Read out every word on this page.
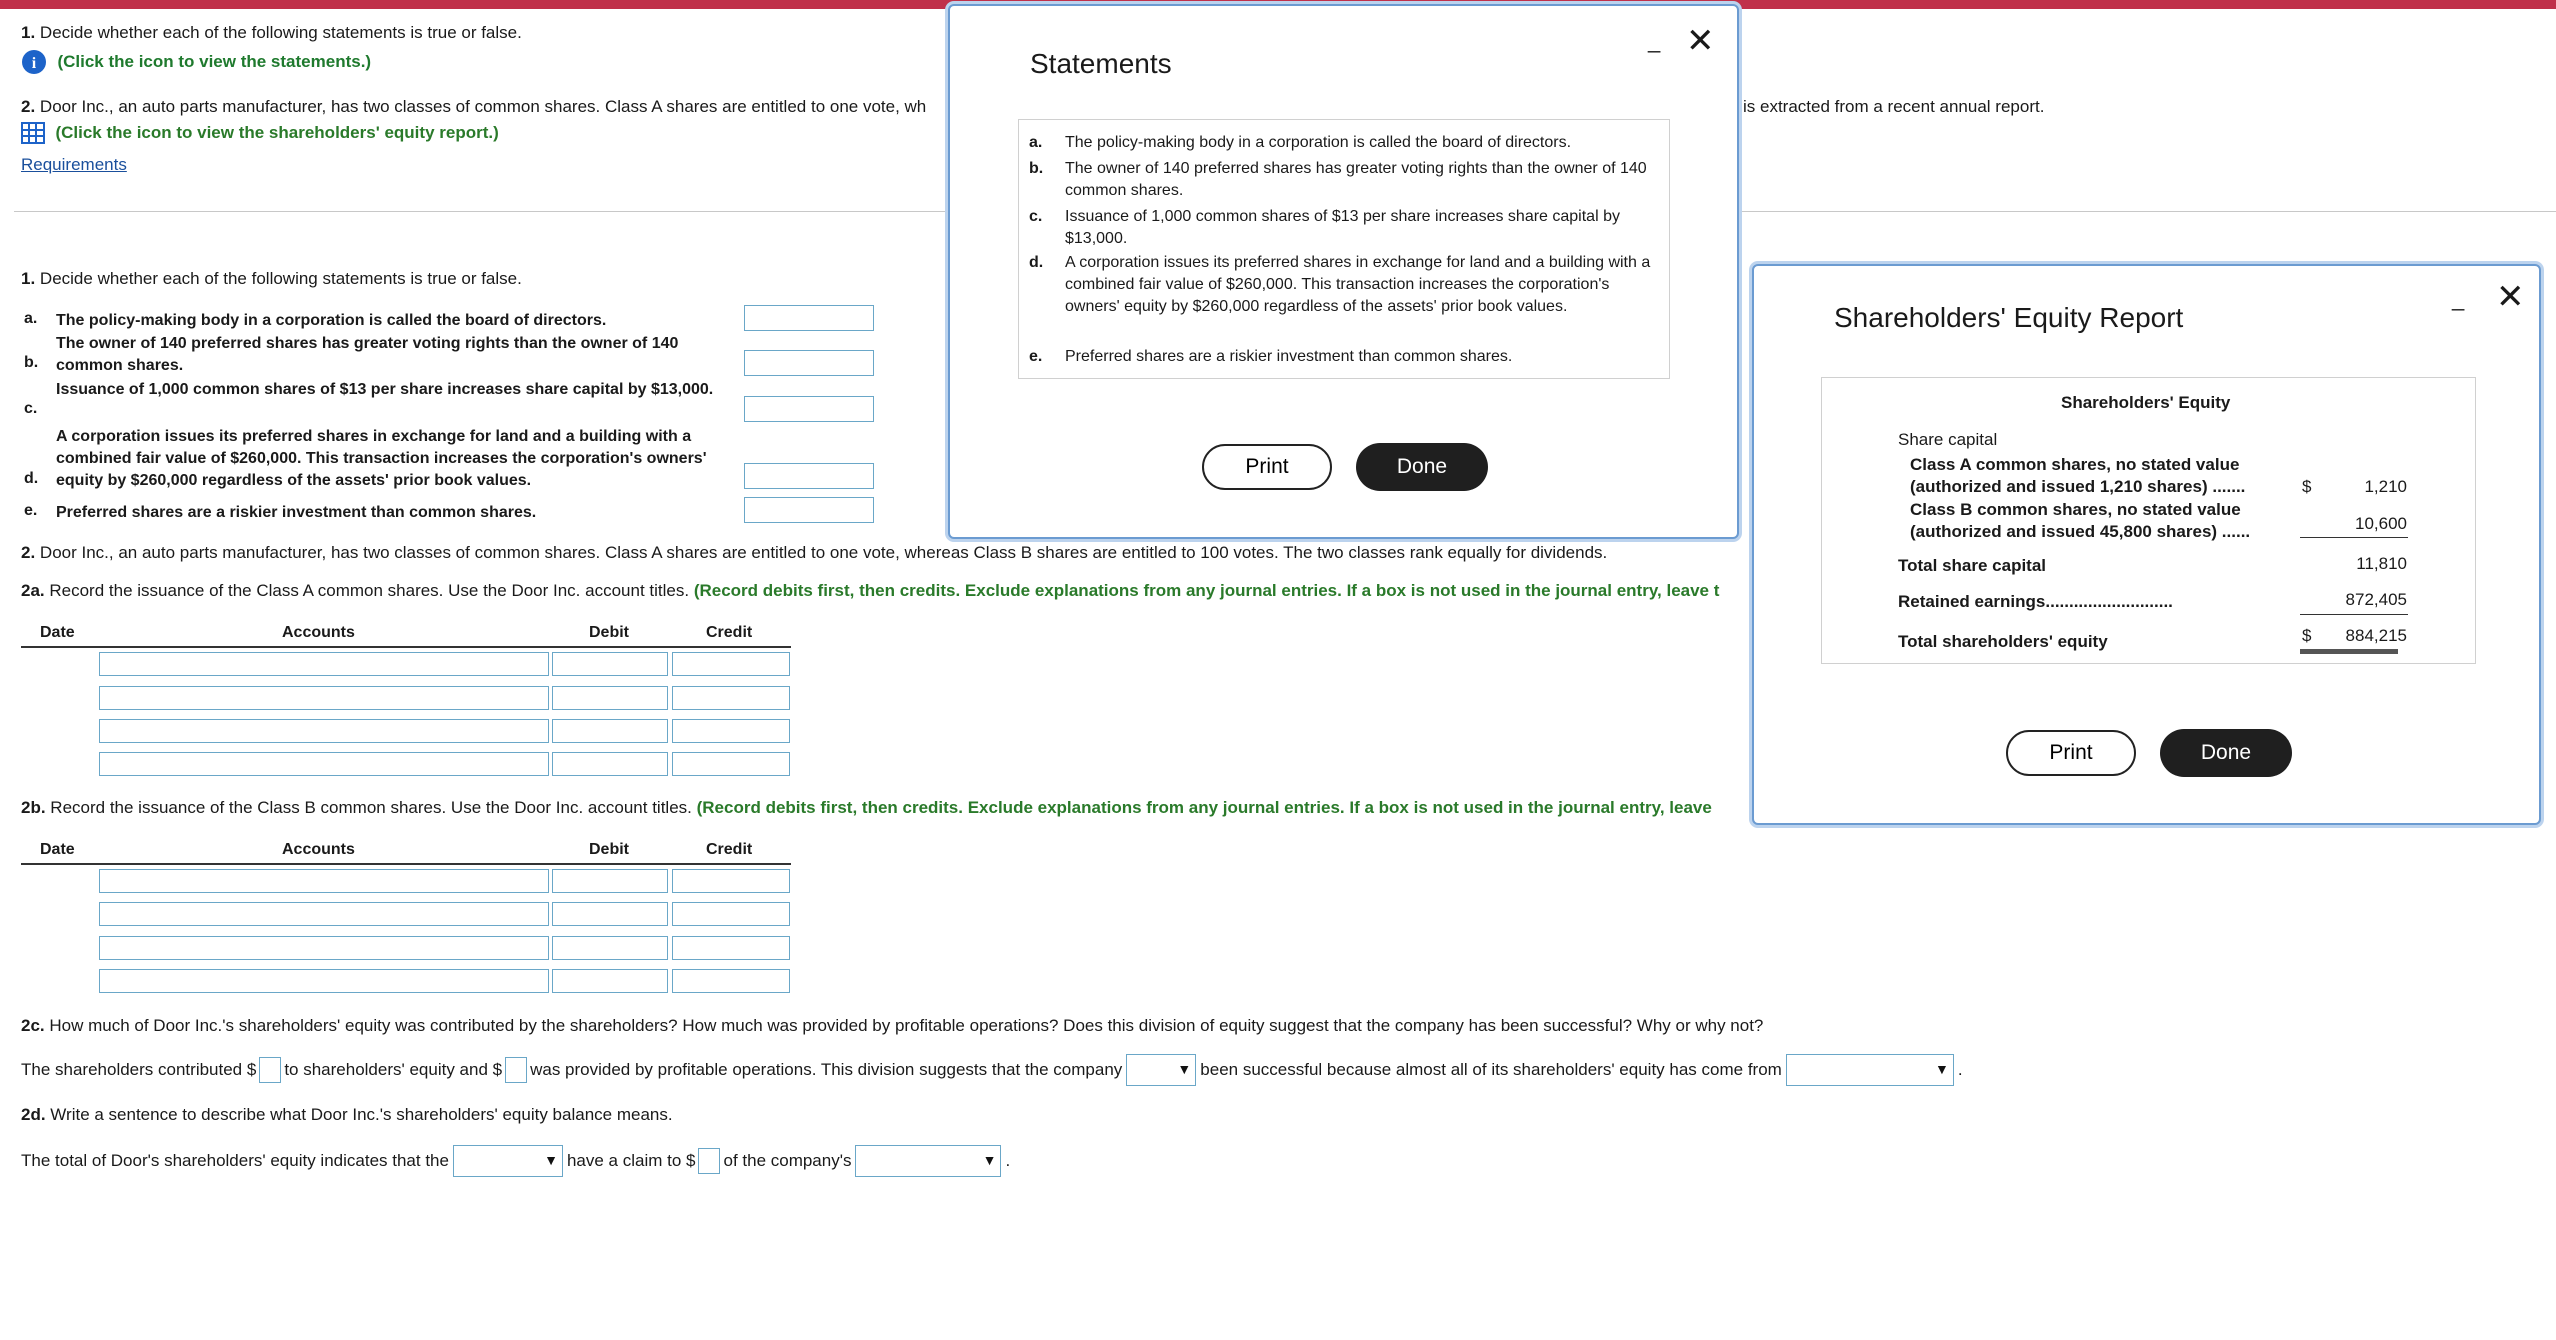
1. Decide whether each of the following statements is true or false.
i (Click the icon to view the statements.)
2. Door Inc., an auto parts manufacturer, has two classes of common shares. Class A shares are entitled to one vote, wh	is extracted from a recent annual report.
(Click the icon to view the shareholders' equity report.)
Requirements
1. Decide whether each of the following statements is true or false.
a. The policy-making body in a corporation is called the board of directors.
b.
The owner of 140 preferred shares has greater voting rights than the owner of 140 common shares.
c.
Issuance of 1,000 common shares of $13 per share increases share capital by $13,000.
d.
A corporation issues its preferred shares in exchange for land and a building with a combined fair value of $260,000. This transaction increases the corporation's owners' equity by $260,000 regardless of the assets' prior book values.
e. Preferred shares are a riskier investment than common shares.
2. Door Inc., an auto parts manufacturer, has two classes of common shares. Class A shares are entitled to one vote, whereas Class B shares are entitled to 100 votes. The two classes rank equally for dividends.
2a. Record the issuance of the Class A common shares. Use the Door Inc. account titles. (Record debits first, then credits. Exclude explanations from any journal entries. If a box is not used in the journal entry, leave t
Date	Accounts	Debit	Credit
2b. Record the issuance of the Class B common shares. Use the Door Inc. account titles. (Record debits first, then credits. Exclude explanations from any journal entries. If a box is not used in the journal entry, leave
Date	Accounts	Debit	Credit
2c. How much of Door Inc.'s shareholders' equity was contributed by the shareholders? How much was provided by profitable operations? Does this division of equity suggest that the company has been successful? Why or why not?
The shareholders contributed $ to shareholders' equity and $ was provided by profitable operations. This division suggests that the company	▼ been successful because almost all of its shareholders' equity has come from	▼ .
2d. Write a sentence to describe what Door Inc.'s shareholders' equity balance means.
The total of Door's shareholders' equity indicates that the	▼ have a claim to $ of the company's	▼ .
Statements
_ ✕
a. The policy-making body in a corporation is called the board of directors.
b. The owner of 140 preferred shares has greater voting rights than the owner of 140 common shares.
c. Issuance of 1,000 common shares of $13 per share increases share capital by $13,000.
d. A corporation issues its preferred shares in exchange for land and a building with a combined fair value of $260,000. This transaction increases the corporation's owners' equity by $260,000 regardless of the assets' prior book values.
e. Preferred shares are a riskier investment than common shares.
Print	Done
Shareholders' Equity Report
_ ✕
Shareholders' Equity
Share capital
Class A common shares, no stated value
(authorized and issued 1,210 shares) .......	$	1,210
Class B common shares, no stated value
(authorized and issued 45,800 shares) ......	10,600
Total share capital	11,810
Retained earnings...........................	872,405
$
Total shareholders' equity	884,215
Print	Done
